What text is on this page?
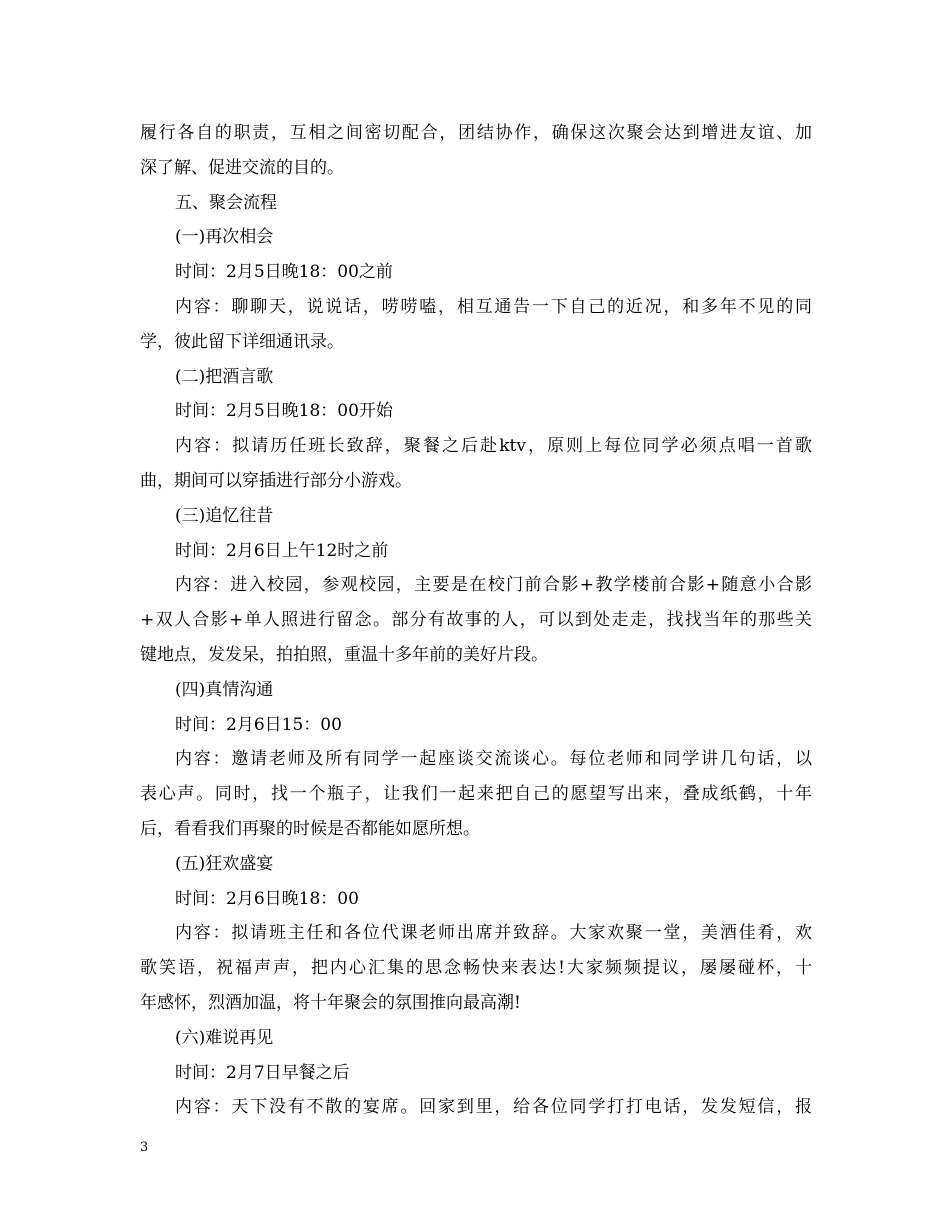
履行各自的职责，互相之间密切配合，团结协作，确保这次聚会达到增进友谊、加
深了解、促进交流的目的。
五、聚会流程
(一)再次相会
时间：2月5日晚18：00之前
内容：聊聊天，说说话，唠唠嗑，相互通告一下自己的近况，和多年不见的同
学，彼此留下详细通讯录。
(二)把酒言歌
时间：2月5日晚18：00开始
内容：拟请历任班长致辞，聚餐之后赴ktv，原则上每位同学必须点唱一首歌
曲，期间可以穿插进行部分小游戏。
(三)追忆往昔
时间：2月6日上午12时之前
内容：进入校园，参观校园，主要是在校门前合影+教学楼前合影+随意小合影
+双人合影+单人照进行留念。部分有故事的人，可以到处走走，找找当年的那些关
键地点，发发呆，拍拍照，重温十多年前的美好片段。
(四)真情沟通
时间：2月6日15：00
内容：邀请老师及所有同学一起座谈交流谈心。每位老师和同学讲几句话，以
表心声。同时，找一个瓶子，让我们一起来把自己的愿望写出来，叠成纸鹤，十年
后，看看我们再聚的时候是否都能如愿所想。
(五)狂欢盛宴
时间：2月6日晚18：00
内容：拟请班主任和各位代课老师出席并致辞。大家欢聚一堂，美酒佳肴，欢
歌笑语，祝福声声，把内心汇集的思念畅快来表达!大家频频提议，屡屡碰杯，十
年感怀，烈酒加温，将十年聚会的氛围推向最高潮!
(六)难说再见
时间：2月7日早餐之后
内容：天下没有不散的宴席。回家到里，给各位同学打打电话，发发短信，报
3
